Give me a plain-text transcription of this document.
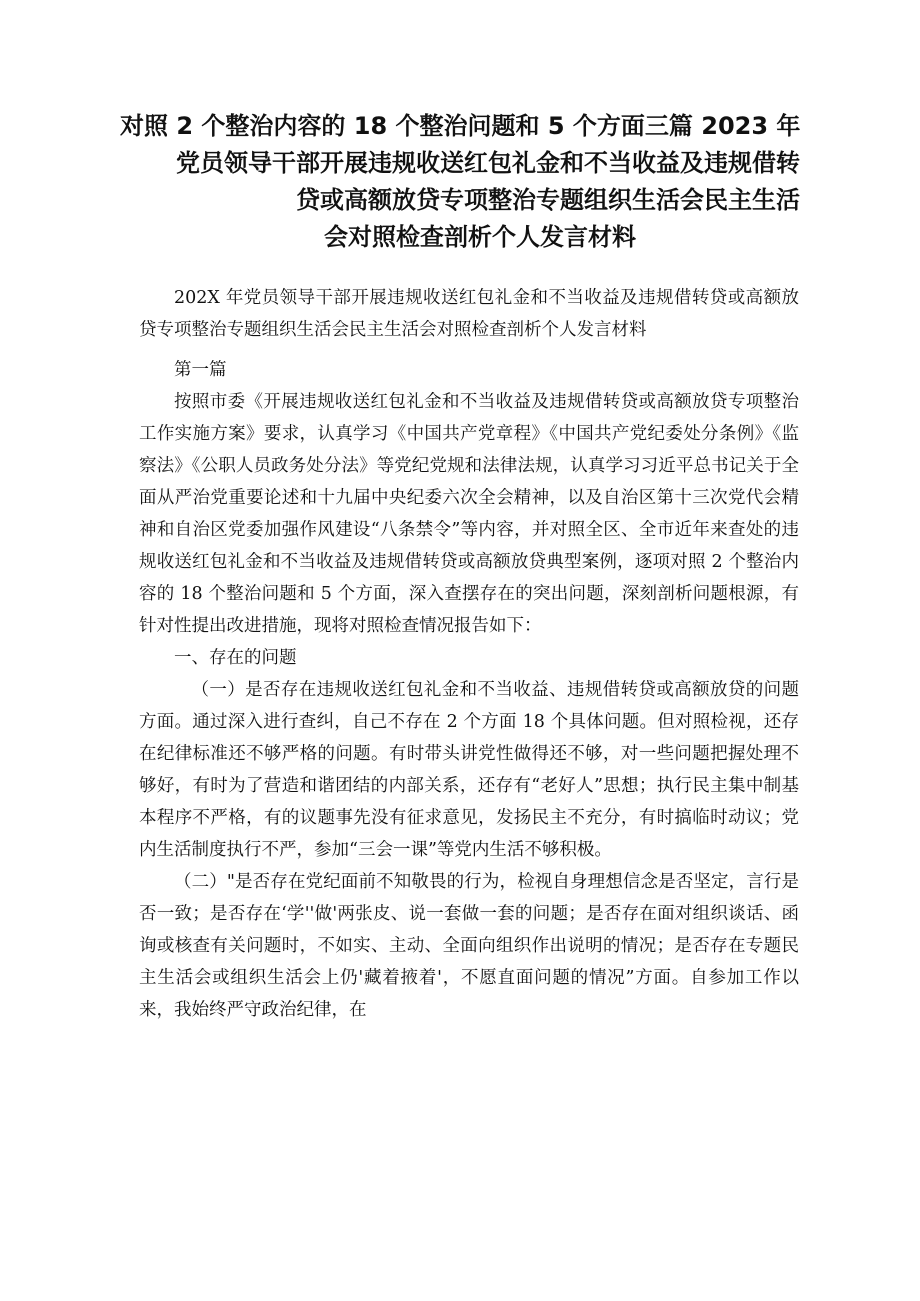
对照 2 个整治内容的 18 个整治问题和 5 个方面三篇 2023 年
党员领导干部开展违规收送红包礼金和不当收益及违规借转
贷或高额放贷专项整治专题组织生活会民主生活
会对照检查剖析个人发言材料

202X 年党员领导干部开展违规收送红包礼金和不当收益及违规借转贷或高额放贷专项整治专题组织生活会民主生活会对照检查剖析个人发言材料

第一篇

按照市委《开展违规收送红包礼金和不当收益及违规借转贷或高额放贷专项整治工作实施方案》要求，认真学习《中国共产党章程》《中国共产党纪委处分条例》《监察法》《公职人员政务处分法》等党纪党规和法律法规，认真学习习近平总书记关于全面从严治党重要论述和十九届中央纪委六次全会精神，以及自治区第十三次党代会精神和自治区党委加强作风建设“八条禁令”等内容，并对照全区、全市近年来查处的违规收送红包礼金和不当收益及违规借转贷或高额放贷典型案例，逐项对照 2 个整治内容的 18 个整治问题和 5 个方面，深入查摆存在的突出问题，深刻剖析问题根源，有针对性提出改进措施，现将对照检查情况报告如下：

一、存在的问题

（一）是否存在违规收送红包礼金和不当收益、违规借转贷或高额放贷的问题方面。通过深入进行查纠，自己不存在 2 个方面 18 个具体问题。但对照检视，还存在纪律标准还不够严格的问题。有时带头讲党性做得还不够，对一些问题把握处理不够好，有时为了营造和谐团结的内部关系，还存有“老好人”思想；执行民主集中制基本程序不严格，有的议题事先没有征求意见，发扬民主不充分，有时搞临时动议；党内生活制度执行不严，参加“三会一课”等党内生活不够积极。

（二）"是否存在党纪面前不知敬畏的行为，检视自身理想信念是否坚定，言行是否一致；是否存在‘学''做'两张皮、说一套做一套的问题；是否存在面对组织谈话、函询或核查有关问题时，不如实、主动、全面向组织作出说明的情况；是否存在专题民主生活会或组织生活会上仍'藏着掖着'，不愿直面问题的情况”方面。自参加工作以来，我始终严守政治纪律，在
